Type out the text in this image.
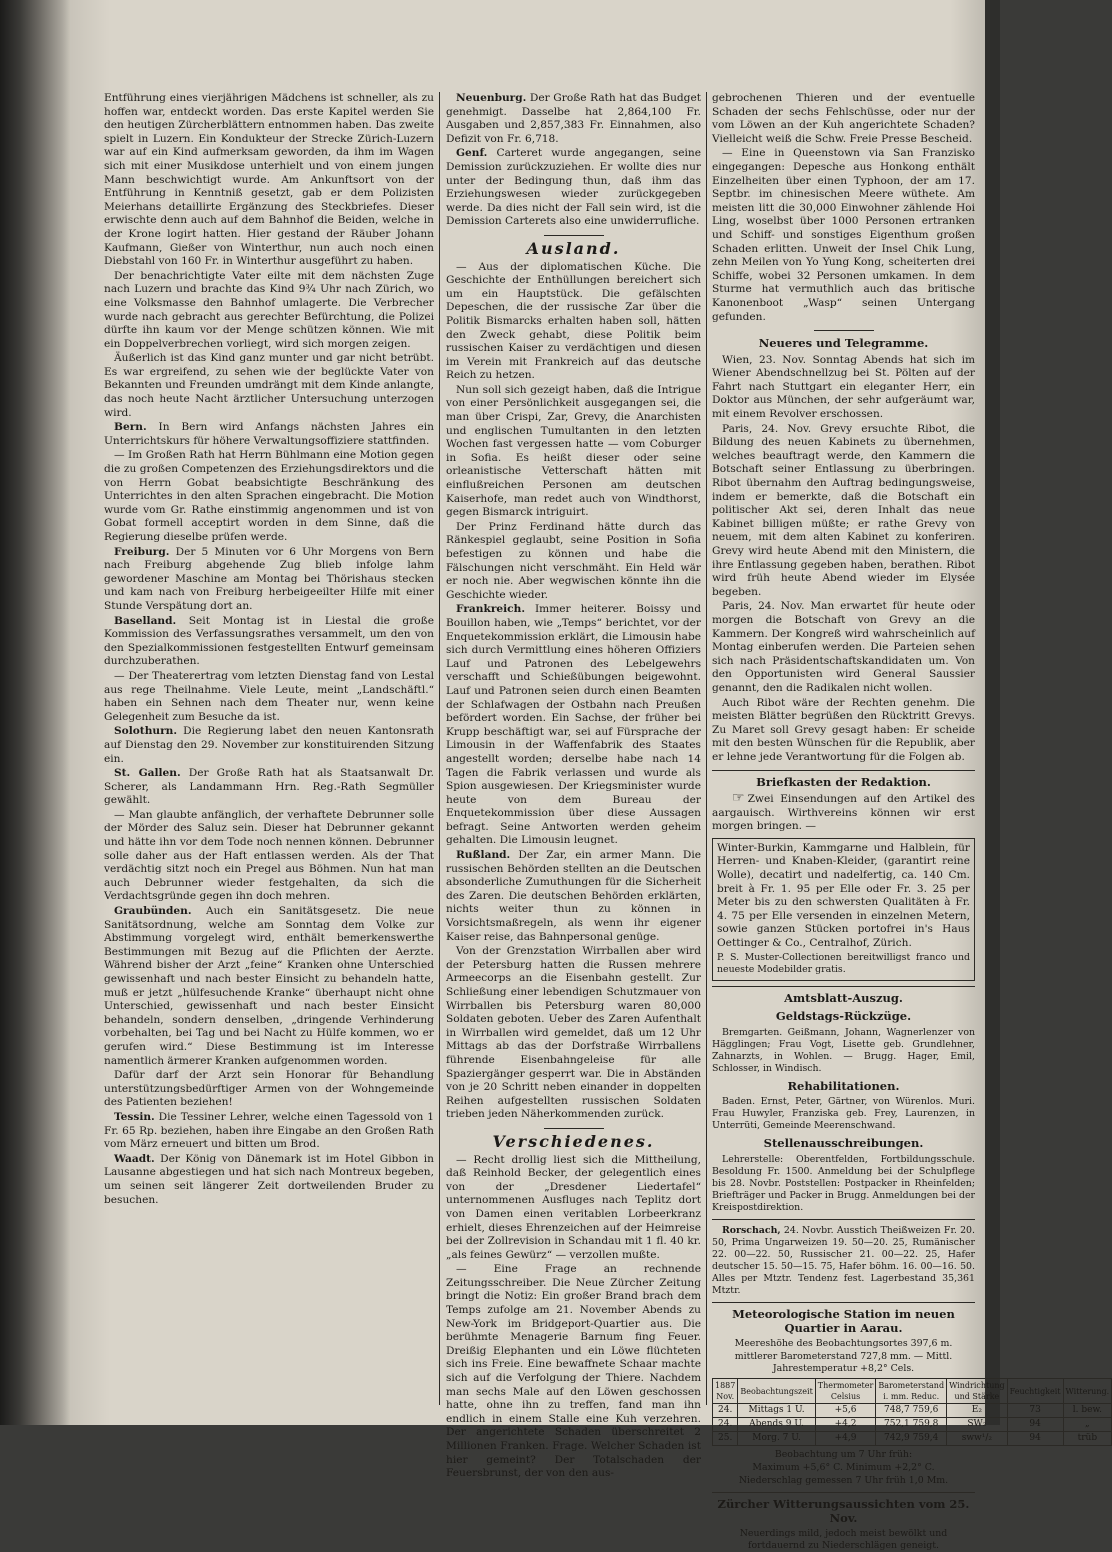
Entführung eines vierjährigen Mädchens ist schneller, als zu hoffen war, entdeckt worden. Das erste Kapitel werden Sie den heutigen Zürcherblättern entnommen haben. Das zweite spielt in Luzern. Ein Kondukteur der Strecke Zürich-Luzern war auf ein Kind aufmerksam geworden, da ihm im Wagen sich mit einer Musikdose unterhielt und von einem jungen Mann beschwichtigt wurde. Am Ankunftsort von der Entführung in Kenntniß gesetzt, gab er dem Polizisten Meierhans detaillirte Ergänzung des Steckbriefes. Dieser erwischte denn auch auf dem Bahnhof die Beiden, welche in der Krone logirt hatten. Hier gestand der Räuber Johann Kaufmann, Gießer von Winterthur, nun auch noch einen Diebstahl von 160 Fr. in Winterthur ausgeführt zu haben.

Der benachrichtigte Vater eilte mit dem nächsten Zuge nach Luzern und brachte das Kind 9¾ Uhr nach Zürich, wo eine Volksmasse den Bahnhof umlagerte. Die Verbrecher wurde nach gebracht aus gerechter Befürchtung, die Polizei dürfte ihn kaum vor der Menge schützen können. Wie mit ein Doppelverbrechen vorliegt, wird sich morgen zeigen.

Äußerlich ist das Kind ganz munter und gar nicht betrübt. Es war ergreifend, zu sehen wie der beglückte Vater von Bekannten und Freunden umdrängt mit dem Kinde anlangte, das noch heute Nacht ärztlicher Untersuchung unterzogen wird.

Bern. In Bern wird Anfangs nächsten Jahres ein Unterrichtskurs für höhere Verwaltungsoffiziere stattfinden.

— Im Großen Rath hat Herrn Bühlmann eine Motion gegen die zu großen Competenzen des Erziehungsdirektors und die von Herrn Gobat beabsichtigte Beschränkung des Unterrichtes in den alten Sprachen eingebracht. Die Motion wurde vom Gr. Rathe einstimmig angenommen und ist von Gobat formell acceptirt worden in dem Sinne, daß die Regierung dieselbe prüfen werde.

Freiburg. Der 5 Minuten vor 6 Uhr Morgens von Bern nach Freiburg abgehende Zug blieb infolge lahm gewordener Maschine am Montag bei Thörishaus stecken und kam nach von Freiburg herbeigeeilter Hilfe mit einer Stunde Verspätung dort an.

Baselland. Seit Montag ist in Liestal die große Kommission des Verfassungsrathes versammelt, um den von den Spezialkommissionen festgestellten Entwurf gemeinsam durchzuberathen.

— Der Theaterertrag vom letzten Dienstag fand von Lestal aus rege Theilnahme. Viele Leute, meint „Landschäftl.“ haben ein Sehnen nach dem Theater nur, wenn keine Gelegenheit zum Besuche da ist.

Solothurn. Die Regierung labet den neuen Kantonsrath auf Dienstag den 29. November zur konstituirenden Sitzung ein.

St. Gallen. Der Große Rath hat als Staatsanwalt Dr. Scherer, als Landammann Hrn. Reg.-Rath Segmüller gewählt.

— Man glaubte anfänglich, der verhaftete Debrunner solle der Mörder des Saluz sein. Dieser hat Debrunner gekannt und hätte ihn vor dem Tode noch nennen können. Debrunner solle daher aus der Haft entlassen werden. Als der That verdächtig sitzt noch ein Pregel aus Böhmen. Nun hat man auch Debrunner wieder festgehalten, da sich die Verdachtsgründe gegen ihn doch mehren.

Graubünden. Auch ein Sanitätsgesetz. Die neue Sanitätsordnung, welche am Sonntag dem Volke zur Abstimmung vorgelegt wird, enthält bemerkenswerthe Bestimmungen mit Bezug auf die Pflichten der Aerzte. Während bisher der Arzt „feine“ Kranken ohne Unterschied gewissenhaft und nach bester Einsicht zu behandeln hatte, muß er jetzt „hülfesuchende Kranke“ überhaupt nicht ohne Unterschied, gewissenhaft und nach bester Einsicht behandeln, sondern denselben, „dringende Verhinderung vorbehalten, bei Tag und bei Nacht zu Hülfe kommen, wo er gerufen wird.“ Diese Bestimmung ist im Interesse namentlich ärmerer Kranken aufgenommen worden.

Dafür darf der Arzt sein Honorar für Behandlung unterstützungsbedürftiger Armen von der Wohngemeinde des Patienten beziehen!

Tessin. Die Tessiner Lehrer, welche einen Tagessold von 1 Fr. 65 Rp. beziehen, haben ihre Eingabe an den Großen Rath vom März erneuert und bitten um Brod.

Waadt. Der König von Dänemark ist im Hotel Gibbon in Lausanne abgestiegen und hat sich nach Montreux begeben, um seinen seit längerer Zeit dortweilenden Bruder zu besuchen.

Neuenburg. Der Große Rath hat das Budget genehmigt. Dasselbe hat 2,864,100 Fr. Ausgaben und 2,857,383 Fr. Einnahmen, also Defizit von Fr. 6,718.

Genf. Carteret wurde angegangen, seine Demission zurückzuziehen. Er wollte dies nur unter der Bedingung thun, daß ihm das Erziehungswesen wieder zurückgegeben werde. Da dies nicht der Fall sein wird, ist die Demission Carterets also eine unwiderrufliche.

Ausland.

— Aus der diplomatischen Küche. Die Geschichte der Enthüllungen bereichert sich um ein Hauptstück. Die gefälschten Depeschen, die der russische Zar über die Politik Bismarcks erhalten haben soll, hätten den Zweck gehabt, diese Politik beim russischen Kaiser zu verdächtigen und diesen im Verein mit Frankreich auf das deutsche Reich zu hetzen.

Nun soll sich gezeigt haben, daß die Intrigue von einer Persönlichkeit ausgegangen sei, die man über Crispi, Zar, Grevy, die Anarchisten und englischen Tumultanten in den letzten Wochen fast vergessen hatte — vom Coburger in Sofia. Es heißt dieser oder seine orleanistische Vetterschaft hätten mit einflußreichen Personen am deutschen Kaiserhofe, man redet auch von Windthorst, gegen Bismarck intriguirt.

Der Prinz Ferdinand hätte durch das Ränkespiel geglaubt, seine Position in Sofia befestigen zu können und habe die Fälschungen nicht verschmäht. Ein Held wär er noch nie. Aber wegwischen könnte ihn die Geschichte wieder.

Frankreich. Immer heiterer. Boissy und Bouillon haben, wie „Temps“ berichtet, vor der Enquetekommission erklärt, die Limousin habe sich durch Vermittlung eines höheren Offiziers Lauf und Patronen des Lebelgewehrs verschafft und Schießübungen beigewohnt. Lauf und Patronen seien durch einen Beamten der Schlafwagen der Ostbahn nach Preußen befördert worden. Ein Sachse, der früher bei Krupp beschäftigt war, sei auf Fürsprache der Limousin in der Waffenfabrik des Staates angestellt worden; derselbe habe nach 14 Tagen die Fabrik verlassen und wurde als Spion ausgewiesen. Der Kriegsminister wurde heute von dem Bureau der Enquetekommission über diese Aussagen befragt. Seine Antworten werden geheim gehalten. Die Limousin leugnet.

Rußland. Der Zar, ein armer Mann. Die russischen Behörden stellten an die Deutschen absonderliche Zumuthungen für die Sicherheit des Zaren. Die deutschen Behörden erklärten, nichts weiter thun zu können in Vorsichtsmaßregeln, als wenn ihr eigener Kaiser reise, das Bahnpersonal genüge.

Von der Grenzstation Wirrballen aber wird der Petersburg hatten die Russen mehrere Armeecorps an die Eisenbahn gestellt. Zur Schließung einer lebendigen Schutzmauer von Wirrballen bis Petersburg waren 80,000 Soldaten geboten. Ueber des Zaren Aufenthalt in Wirrballen wird gemeldet, daß um 12 Uhr Mittags ab das der Dorfstraße Wirrballens führende Eisenbahngeleise für alle Spaziergänger gesperrt war. Die in Abständen von je 20 Schritt neben einander in doppelten Reihen aufgestellten russischen Soldaten trieben jeden Näherkommenden zurück.

Verschiedenes.

— Recht drollig liest sich die Mittheilung, daß Reinhold Becker, der gelegentlich eines von der „Dresdener Liedertafel“ unternommenen Ausfluges nach Teplitz dort von Damen einen veritablen Lorbeerkranz erhielt, dieses Ehrenzeichen auf der Heimreise bei der Zollrevision in Schandau mit 1 fl. 40 kr. „als feines Gewürz“ — verzollen mußte.

— Eine Frage an rechnende Zeitungsschreiber. Die Neue Zürcher Zeitung bringt die Notiz: Ein großer Brand brach dem Temps zufolge am 21. November Abends zu New-York im Bridgeport-Quartier aus. Die berühmte Menagerie Barnum fing Feuer. Dreißig Elephanten und ein Löwe flüchteten sich ins Freie. Eine bewaffnete Schaar machte sich auf die Verfolgung der Thiere. Nachdem man sechs Male auf den Löwen geschossen hatte, ohne ihn zu treffen, fand man ihn endlich in einem Stalle eine Kuh verzehren. Der angerichtete Schaden überschreitet 2 Millionen Franken. Frage. Welcher Schaden ist hier gemeint? Der Totalschaden der Feuersbrunst, der von den aus-

gebrochenen Thieren und der eventuelle Schaden der sechs Fehlschüsse, oder nur der vom Löwen an der Kuh angerichtete Schaden? Vielleicht weiß die Schw. Freie Presse Bescheid.

— Eine in Queenstown via San Franzisko eingegangen: Depesche aus Honkong enthält Einzelheiten über einen Typhoon, der am 17. Septbr. im chinesischen Meere wüthete. Am meisten litt die 30,000 Einwohner zählende Hoi Ling, woselbst über 1000 Personen ertranken und Schiff- und sonstiges Eigenthum großen Schaden erlitten. Unweit der Insel Chik Lung, zehn Meilen von Yo Yung Kong, scheiterten drei Schiffe, wobei 32 Personen umkamen. In dem Sturme hat vermuthlich auch das britische Kanonenboot „Wasp“ seinen Untergang gefunden.

Neueres und Telegramme.

Wien, 23. Nov. Sonntag Abends hat sich im Wiener Abendschnellzug bei St. Pölten auf der Fahrt nach Stuttgart ein eleganter Herr, ein Doktor aus München, der sehr aufgeräumt war, mit einem Revolver erschossen.

Paris, 24. Nov. Grevy ersuchte Ribot, die Bildung des neuen Kabinets zu übernehmen, welches beauftragt werde, den Kammern die Botschaft seiner Entlassung zu überbringen. Ribot übernahm den Auftrag bedingungsweise, indem er bemerkte, daß die Botschaft ein politischer Akt sei, deren Inhalt das neue Kabinet billigen müßte; er rathe Grevy von neuem, mit dem alten Kabinet zu konferiren. Grevy wird heute Abend mit den Ministern, die ihre Entlassung gegeben haben, berathen. Ribot wird früh heute Abend wieder im Elysée begeben.

Paris, 24. Nov. Man erwartet für heute oder morgen die Botschaft von Grevy an die Kammern. Der Kongreß wird wahrscheinlich auf Montag einberufen werden. Die Parteien sehen sich nach Präsidentschaftskandidaten um. Von den Opportunisten wird General Saussier genannt, den die Radikalen nicht wollen.

Auch Ribot wäre der Rechten genehm. Die meisten Blätter begrüßen den Rücktritt Grevys. Zu Maret soll Grevy gesagt haben: Er scheide mit den besten Wünschen für die Republik, aber er lehne jede Verantwortung für die Folgen ab.

Briefkasten der Redaktion.

☞ Zwei Einsendungen auf den Artikel des aargauisch. Wirthvereins können wir erst morgen bringen. —

Winter-Burkin, Kammgarne und Halblein, für Herren- und Knaben-Kleider, (garantirt reine Wolle), decatirt und nadelfertig, ca. 140 Cm. breit à Fr. 1. 95 per Elle oder Fr. 3. 25 per Meter bis zu den schwersten Qualitäten à Fr. 4. 75 per Elle versenden in einzelnen Metern, sowie ganzen Stücken portofrei in's Haus Oettinger & Co., Centralhof, Zürich.

P. S. Muster-Collectionen bereitwilligst franco und neueste Modebilder gratis.

Amtsblatt-Auszug.
Geldstags-Rückzüge.

Bremgarten. Geißmann, Johann, Wagnerlenzer von Hägglingen; Frau Vogt, Lisette geb. Grundlehner, Zahnarzts, in Wohlen. — Brugg. Hager, Emil, Schlosser, in Windisch.

Rehabilitationen.

Baden. Ernst, Peter, Gärtner, von Würenlos. Muri. Frau Huwyler, Franziska geb. Frey, Laurenzen, in Unterrüti, Gemeinde Meerenschwand.

Stellenausschreibungen.

Lehrerstelle: Oberentfelden, Fortbildungsschule. Besoldung Fr. 1500. Anmeldung bei der Schulpflege bis 28. Novbr. Poststellen: Postpacker in Rheinfelden; Briefträger und Packer in Brugg. Anmeldungen bei der Kreispostdirektion.

Rorschach, 24. Novbr. Ausstich Theißweizen Fr. 20. 50, Prima Ungarweizen 19. 50—20. 25, Rumänischer 22. 00—22. 50, Russischer 21. 00—22. 25, Hafer deutscher 15. 50—15. 75, Hafer böhm. 16. 00—16. 50. Alles per Mtztr. Tendenz fest. Lagerbestand 35,361 Mtztr.

Meteorologische Station im neuen Quartier in Aarau.

Meereshöhe des Beobachtungsortes 397,6 m.

mittlerer Barometerstand 727,8 mm. — Mittl. Jahrestemperatur +8,2° Cels.

1887 Nov.	Beobachtungszeit	Thermometer Celsius	Barometerstand i. mm. Reduc.	Windrichtung und Stärke	Feuchtigkeit	Witterung.
24.	Mittags 1 U.	+5,6	748,7 759,6	E₂	73	l. bew.
24.	Abends 9 U.	+4,2	752,1 759,8	SW₂	94	„
25.	Morg. 7 U.	+4,9	742,9 759,4	sww¹/₂	94	trüb

Beobachtung um 7 Uhr früh:

Maximum +5,6° C. Minimum +2,2° C.

Niederschlag gemessen 7 Uhr früh 1,0 Mm.

Zürcher Witterungsaussichten vom 25. Nov.

Neuerdings mild, jedoch meist bewölkt und fortdauernd zu Niederschlägen geneigt.
